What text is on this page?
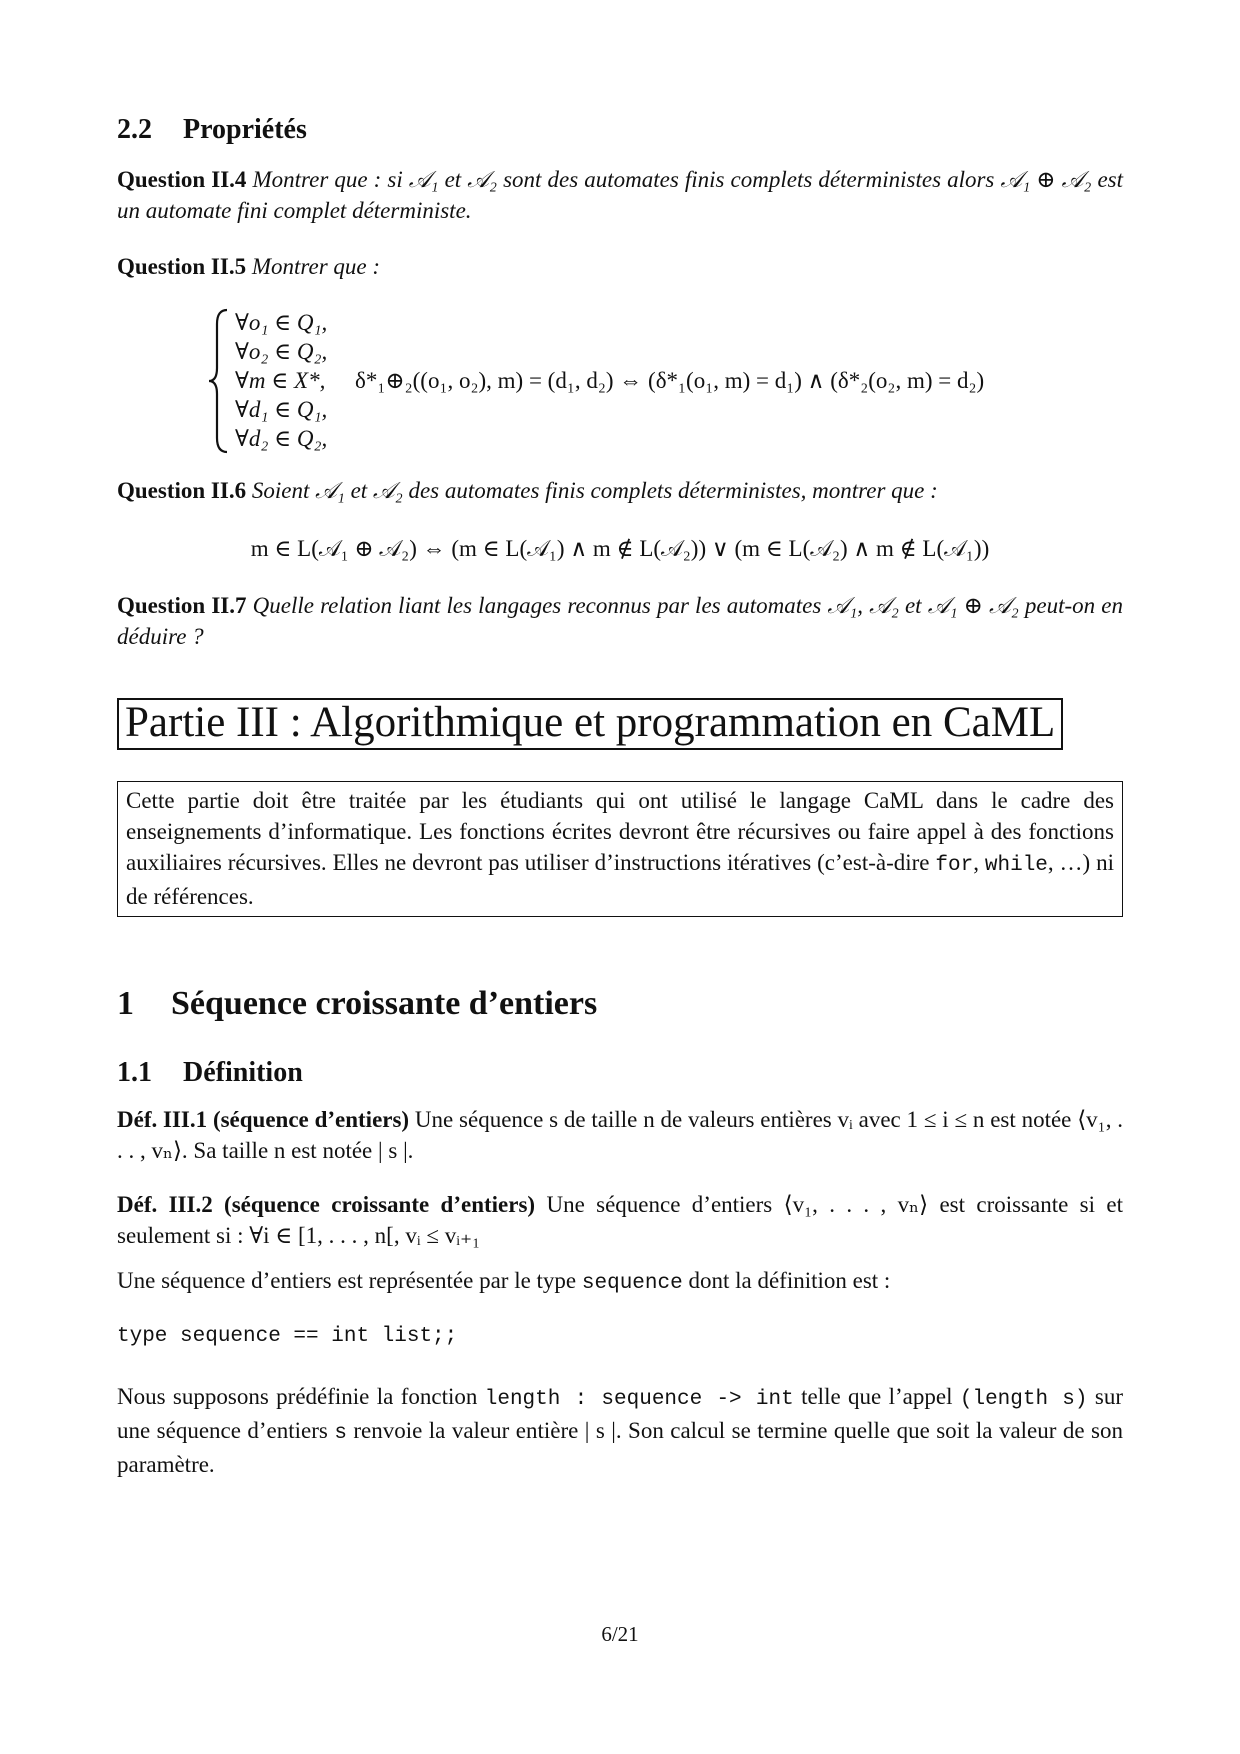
2.2 Propriétés
Question II.4 Montrer que : si 𝒜₁ et 𝒜₂ sont des automates finis complets déterministes alors 𝒜₁ ⊕ 𝒜₂ est un automate fini complet déterministe.
Question II.5 Montrer que :
∀o₁ ∈ Q₁,
∀o₂ ∈ Q₂,
∀m ∈ X*, δ*₁⊕₂((o₁, o₂), m) = (d₁, d₂) ⇔ (δ*₁(o₁, m) = d₁) ∧ (δ*₂(o₂, m) = d₂)
∀d₁ ∈ Q₁,
∀d₂ ∈ Q₂,
Question II.6 Soient 𝒜₁ et 𝒜₂ des automates finis complets déterministes, montrer que :
m ∈ L(𝒜₁ ⊕ 𝒜₂) ⇔ (m ∈ L(𝒜₁) ∧ m ∉ L(𝒜₂)) ∨ (m ∈ L(𝒜₂) ∧ m ∉ L(𝒜₁))
Question II.7 Quelle relation liant les langages reconnus par les automates 𝒜₁, 𝒜₂ et 𝒜₁ ⊕ 𝒜₂ peut-on en déduire ?
Partie III : Algorithmique et programmation en CaML
Cette partie doit être traitée par les étudiants qui ont utilisé le langage CaML dans le cadre des enseignements d’informatique. Les fonctions écrites devront être récursives ou faire appel à des fonctions auxiliaires récursives. Elles ne devront pas utiliser d’instructions itératives (c’est-à-dire for, while, …) ni de références.
1 Séquence croissante d’entiers
1.1 Définition
Déf. III.1 (séquence d’entiers) Une séquence s de taille n de valeurs entières vᵢ avec 1 ≤ i ≤ n est notée ⟨v₁, . . . , vₙ⟩. Sa taille n est notée | s |.
Déf. III.2 (séquence croissante d’entiers) Une séquence d’entiers ⟨v₁, . . . , vₙ⟩ est croissante si et seulement si : ∀i ∈ [1, . . . , n[, vᵢ ≤ vᵢ₊₁
Une séquence d’entiers est représentée par le type sequence dont la définition est :
type sequence == int list;;
Nous supposons prédéfinie la fonction length : sequence -> int telle que l’appel (length s) sur une séquence d’entiers s renvoie la valeur entière | s |. Son calcul se termine quelle que soit la valeur de son paramètre.
6/21
